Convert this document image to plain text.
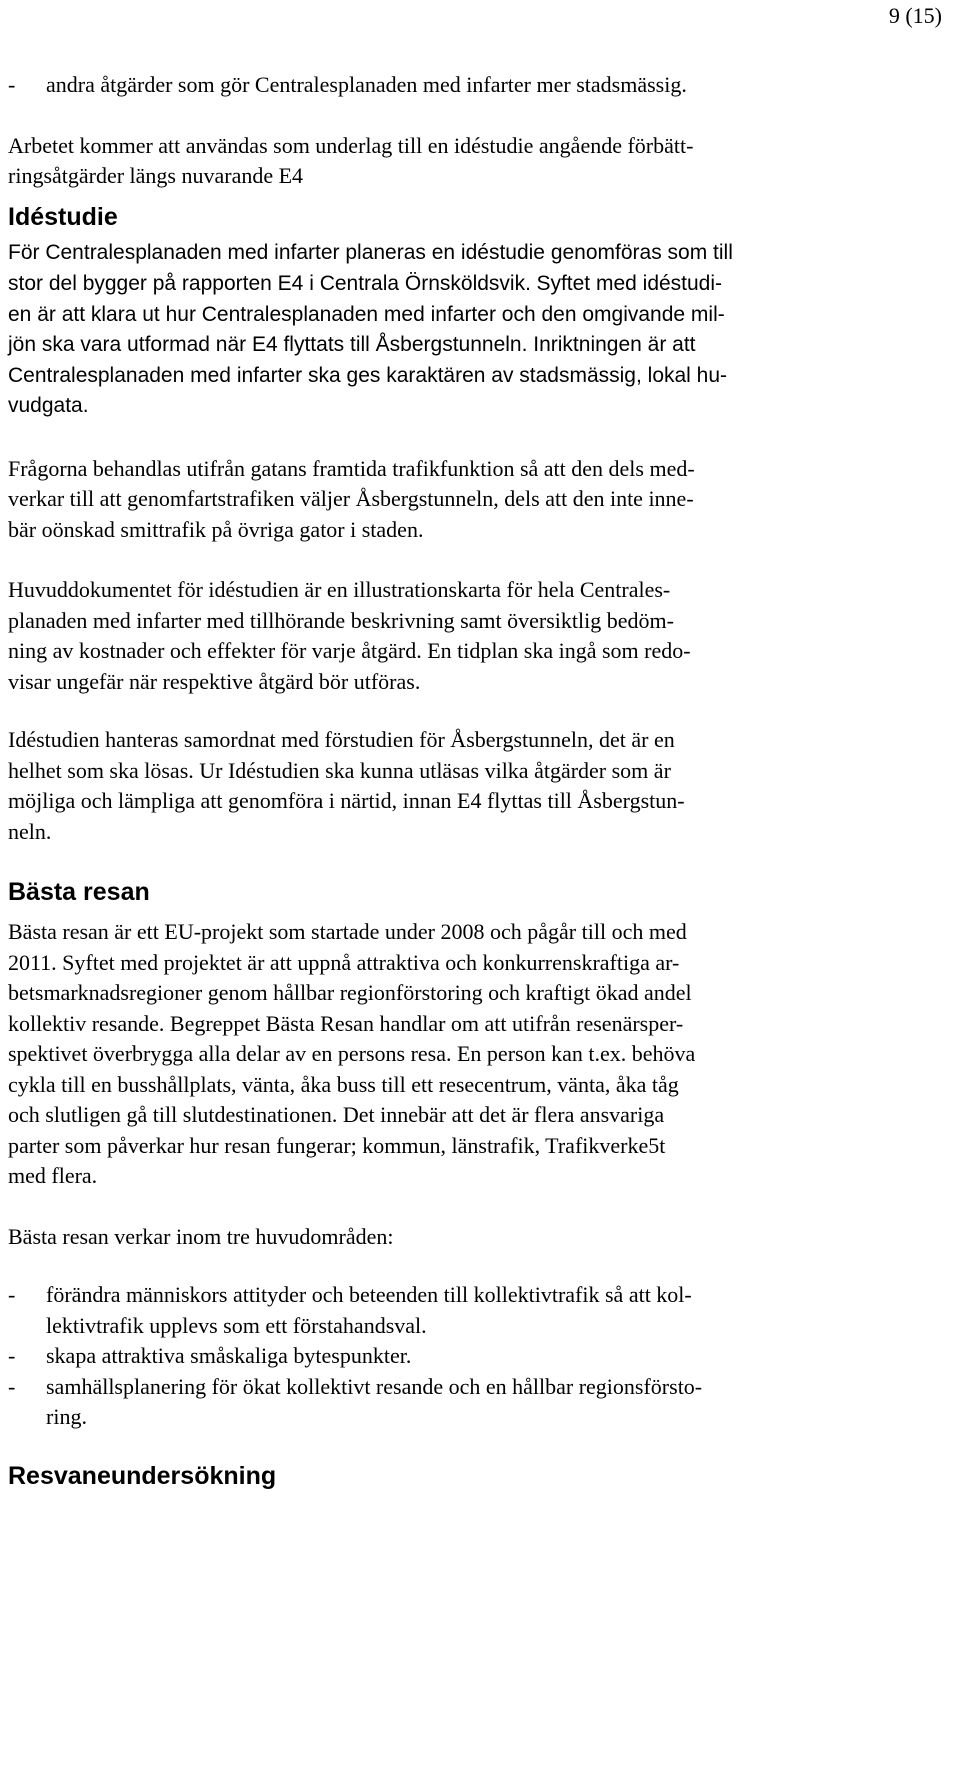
9 (15)
- andra åtgärder som gör Centralesplanaden med infarter mer stadsmässig.

Arbetet kommer att användas som underlag till en idéstudie angående förbätt-
ringsåtgärder längs nuvarande E4

Idéstudie

För Centralesplanaden med infarter planeras en idéstudie genomföras som till
stor del bygger på rapporten E4 i Centrala Örnsköldsvik. Syftet med idéstudi-
en är att klara ut hur Centralesplanaden med infarter och den omgivande mil-
jön ska vara utformad när E4 flyttats till Åsbergstunneln. Inriktningen är att
Centralesplanaden med infarter ska ges karaktären av stadsmässig, lokal hu-
vudgata.

Frågorna behandlas utifrån gatans framtida trafikfunktion så att den dels med-
verkar till att genomfartstrafiken väljer Åsbergstunneln, dels att den inte inne-
bär oönskad smittrafik på övriga gator i staden.

Huvuddokumentet för idéstudien är en illustrationskarta för hela Centrales-
planaden med infarter med tillhörande beskrivning samt översiktlig bedöm-
ning av kostnader och effekter för varje åtgärd. En tidplan ska ingå som redo-
visar ungefär när respektive åtgärd bör utföras.

Idéstudien hanteras samordnat med förstudien för Åsbergstunneln, det är en
helhet som ska lösas. Ur Idéstudien ska kunna utläsas vilka åtgärder som är
möjliga och lämpliga att genomföra i närtid, innan E4 flyttas till Åsbergstun-
neln.

Bästa resan

Bästa resan är ett EU-projekt som startade under 2008 och pågår till och med
2011. Syftet med projektet är att uppnå attraktiva och konkurrenskraftiga ar-
betsmarknadsregioner genom hållbar regionförstoring och kraftigt ökad andel
kollektiv resande. Begreppet Bästa Resan handlar om att utifrån resenärsper-
spektivet överbrygga alla delar av en persons resa. En person kan t.ex. behöva
cykla till en busshållplats, vänta, åka buss till ett resecentrum, vänta, åka tåg
och slutligen gå till slutdestinationen. Det innebär att det är flera ansvariga
parter som påverkar hur resan fungerar; kommun, länstrafik, Trafikverke5t
med flera.

Bästa resan verkar inom tre huvudområden:

- förändra människors attityder och beteenden till kollektivtrafik så att kol-
lektivtrafik upplevs som ett förstahandsval.
- skapa attraktiva småskaliga bytespunkter.
- samhällsplanering för ökat kollektivt resande och en hållbar regionsförsto-
ring.
Resvaneundersökning
